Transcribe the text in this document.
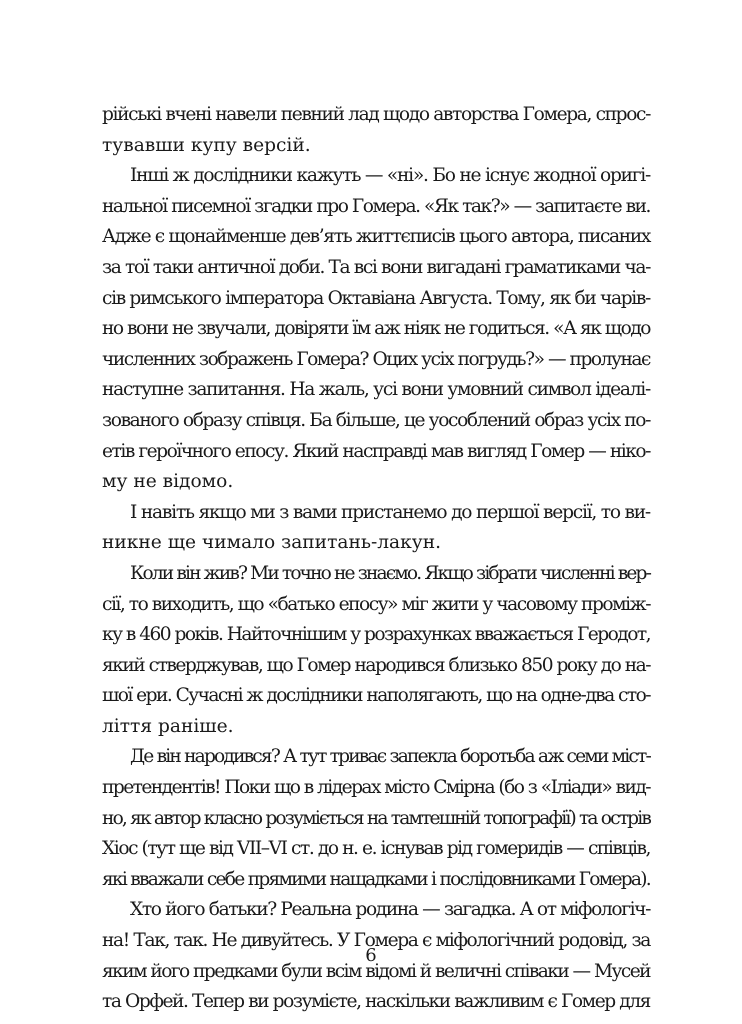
рійські вчені навели певний лад щодо авторства Гомера, спрос-
тувавши купу версій.
Інші ж дослідники кажуть — «ні». Бо не існує жодної оригі-
нальної писемної згадки про Гомера. «Як так?» — запитаєте ви.
Адже є щонайменше дев’ять життєписів цього автора, писаних
за тої таки античної доби. Та всі вони вигадані граматиками ча-
сів римського імператора Октавіана Августа. Тому, як би чарів-
но вони не звучали, довіряти їм аж ніяк не годиться. «А як щодо
численних зображень Гомера? Оцих усіх погрудь?» — пролунає
наступне запитання. На жаль, усі вони умовний символ ідеалі-
зованого образу співця. Ба більше, це уособлений образ усіх по-
етів героїчного епосу. Який насправді мав вигляд Гомер — ніко-
му не відомо.
І навіть якщо ми з вами пристанемо до першої версії, то ви-
никне ще чимало запитань-лакун.
Коли він жив? Ми точно не знаємо. Якщо зібрати численні вер-
сії, то виходить, що «батько епосу» міг жити у часовому промiж-
ку в 460 років. Найточнішим у розрахунках вважається Геродот,
який стверджував, що Гомер народився близько 850 року до на-
шої ери. Сучасні ж дослідники наполягають, що на одне-два сто-
ліття раніше.
Де він народився? А тут триває запекла боротьба аж семи міст-
претендентів! Поки що в лідерах місто Смірна (бо з «Іліади» вид-
но, як автор класно розуміється на тамтешній топографії) та острів
Хіос (тут ще від VII–VI ст. до н. е. існував рід гомеридів — співців,
які вважали себе прямими нащадками і послідовниками Гомера).
Хто його батьки? Реальна родина — загадка. А от міфологіч-
на! Так, так. Не дивуйтесь. У Гомера є міфологічний родовід, за
яким його предками були всім відомі й величні співаки — Мусей
та Орфей. Тепер ви розумієте, наскільки важливим є Гомер для
6
